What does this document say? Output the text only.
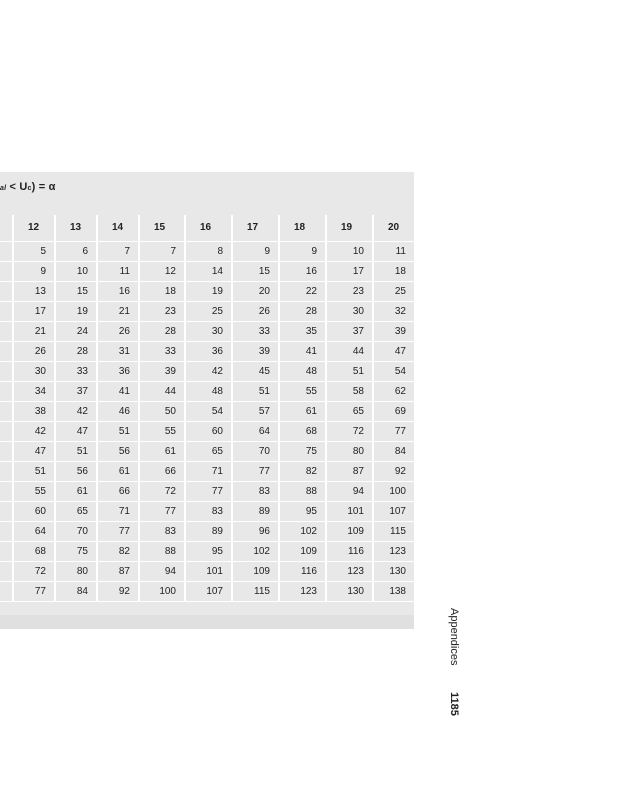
al < Uc) = α
	12	13	14	15	16	17	18	19	20
	5	6	7	7	8	9	9	10	11
	9	10	11	12	14	15	16	17	18
	13	15	16	18	19	20	22	23	25
	17	19	21	23	25	26	28	30	32
	21	24	26	28	30	33	35	37	39
	26	28	31	33	36	39	41	44	47
	30	33	36	39	42	45	48	51	54
	34	37	41	44	48	51	55	58	62
	38	42	46	50	54	57	61	65	69
	42	47	51	55	60	64	68	72	77
	47	51	56	61	65	70	75	80	84
	51	56	61	66	71	77	82	87	92
	55	61	66	72	77	83	88	94	100
	60	65	71	77	83	89	95	101	107
	64	70	77	83	89	96	102	109	115
	68	75	82	88	95	102	109	116	123
	72	80	87	94	101	109	116	123	130
	77	84	92	100	107	115	123	130	138
Appendices
1185
